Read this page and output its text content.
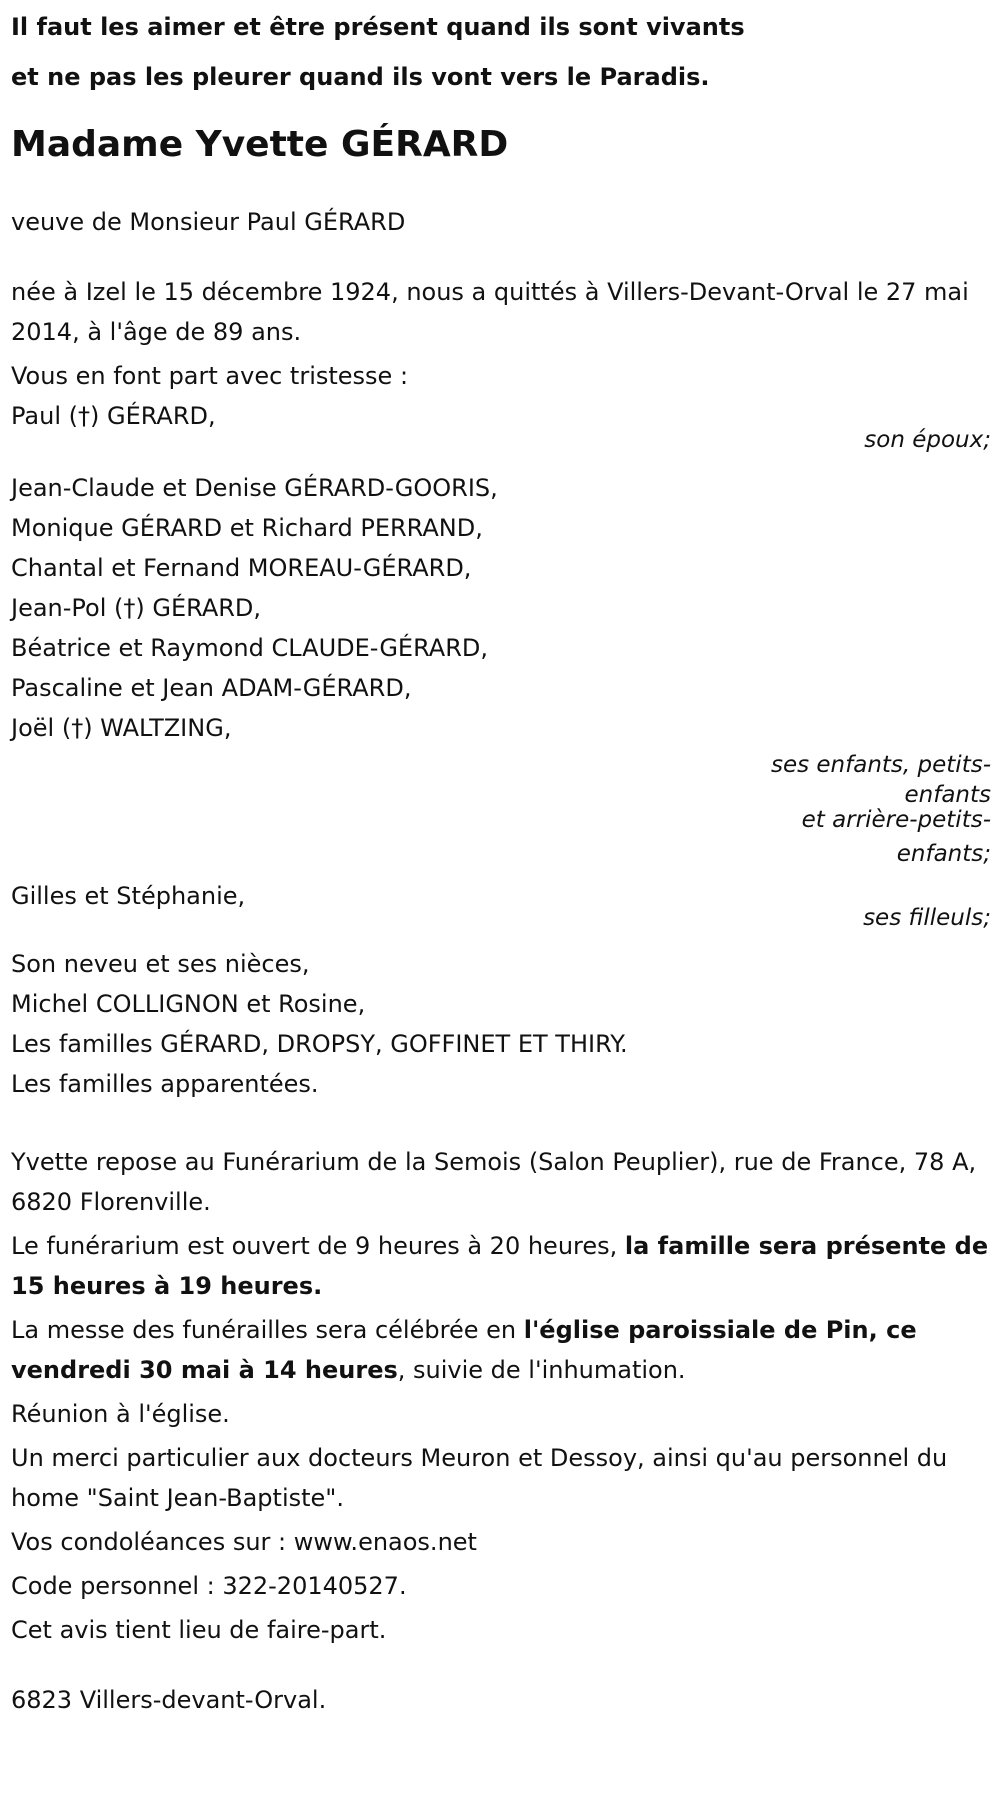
Il faut les aimer et être présent quand ils sont vivants
et ne pas les pleurer quand ils vont vers le Paradis.
Madame Yvette GÉRARD

veuve de Monsieur Paul GÉRARD

née à Izel le 15 décembre 1924, nous a quittés à Villers-Devant-Orval le 27 mai 2014, à l'âge de 89 ans.

Vous en font part avec tristesse :

Paul (†) GÉRARD,

son époux;

Jean-Claude et Denise GÉRARD-GOORIS,

Monique GÉRARD et Richard PERRAND,

Chantal et Fernand MOREAU-GÉRARD,

Jean-Pol (†) GÉRARD,

Béatrice et Raymond CLAUDE-GÉRARD,

Pascaline et Jean ADAM-GÉRARD,

Joël (†) WALTZING,

ses enfants, petits-
enfants
et arrière-petits-
enfants;

Gilles et Stéphanie,

ses filleuls;

Son neveu et ses nièces,

Michel COLLIGNON et Rosine,

Les familles GÉRARD, DROPSY, GOFFINET ET THIRY.

Les familles apparentées.

Yvette repose au Funérarium de la Semois (Salon Peuplier), rue de France, 78 A, 6820 Florenville.

Le funérarium est ouvert de 9 heures à 20 heures, la famille sera présente de 15 heures à 19 heures.

La messe des funérailles sera célébrée en l'église paroissiale de Pin, ce vendredi 30 mai à 14 heures, suivie de l'inhumation.

Réunion à l'église.

Un merci particulier aux docteurs Meuron et Dessoy, ainsi qu'au personnel du home "Saint Jean-Baptiste".

Vos condoléances sur : www.enaos.net

Code personnel : 322-20140527.

Cet avis tient lieu de faire-part.

6823 Villers-devant-Orval.
